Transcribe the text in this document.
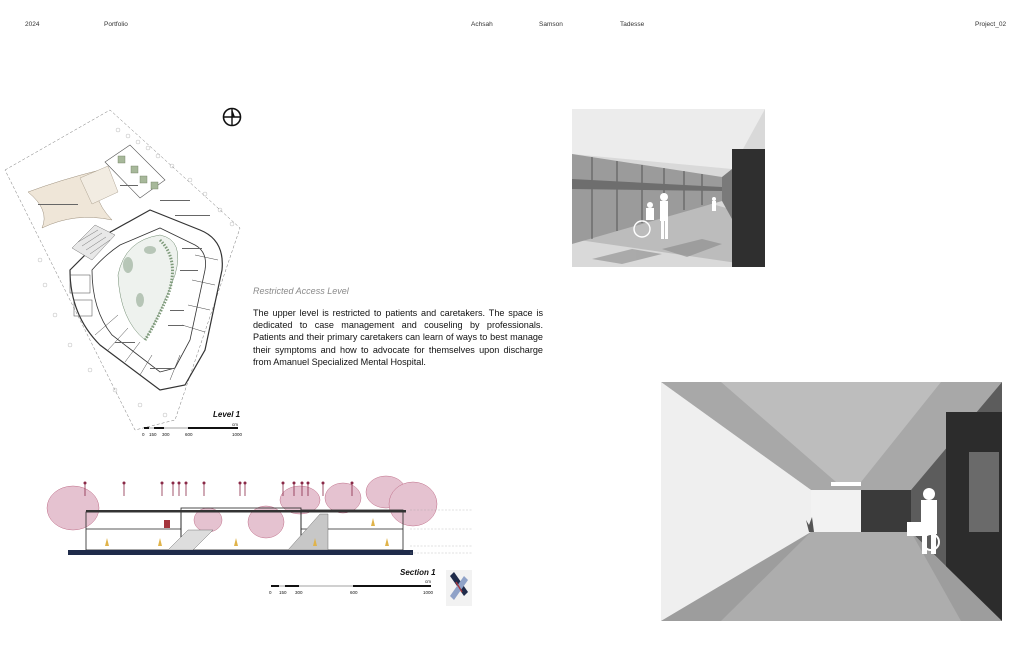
2024	Portfolio	Achsah	Samson	Tadesse	Project_02
Level 1
cm
0 150 300	600	1000
Section 1
cm
0 150 300	600	1000
Restricted Access Level

The upper level is restricted to patients and caretakers. The space is dedicated to case management and couseling by professionals. Patients and their primary caretakers can learn of ways to best manage their symptoms and how to advocate for themselves upon discharge from Amanuel Specialized Mental Hospital.
